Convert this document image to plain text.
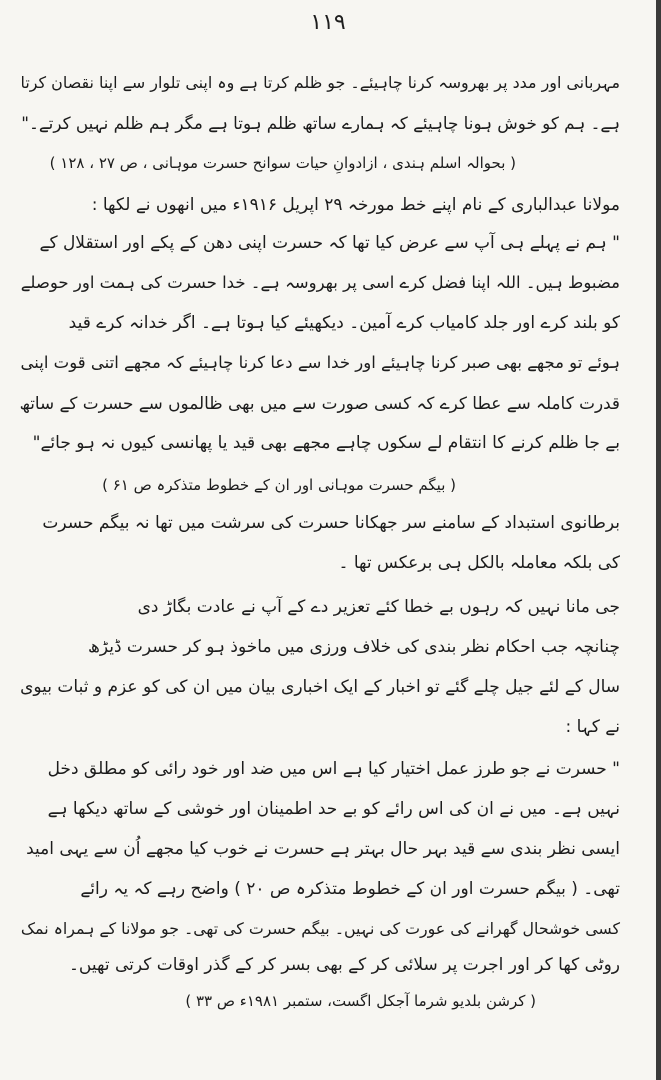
۱۱۹
مہربانی اور مدد پر بھروسہ کرنا چاہیئے۔ جو ظلم کرتا ہے وہ اپنی تلوار سے اپنا نقصان کرتا
ہے۔ ہم کو خوش ہونا چاہیئے کہ ہمارے ساتھ ظلم ہوتا ہے مگر ہم ظلم نہیں کرتے۔"
( بحوالہ اسلم ہندی ، ازادوانِ حیات سوانح حسرت موہانی ، ص ۲۷ ، ۱۲۸ )
مولانا عبدالباری کے نام اپنے خط مورخہ ۲۹ اپریل ۱۹۱۶ء میں انھوں نے لکھا :
" ہم نے پہلے ہی آپ سے عرض کیا تھا کہ حسرت اپنی دھن کے پکے اور استقلال کے
مضبوط ہیں۔ اللہ اپنا فضل کرے اسی پر بھروسہ ہے۔ خدا حسرت کی ہمت اور حوصلے
کو بلند کرے اور جلد کامیاب کرے آمین۔ دیکھیئے کیا ہوتا ہے۔ اگر خدانہ کرے قید
ہوئے تو مجھے بھی صبر کرنا چاہیئے اور خدا سے دعا کرنا چاہیئے کہ مجھے اتنی قوت اپنی
قدرت کاملہ سے عطا کرے کہ کسی صورت سے میں بھی ظالموں سے حسرت کے ساتھ
بے جا ظلم کرنے کا انتقام لے سکوں چاہے مجھے بھی قید یا پھانسی کیوں نہ ہو جائے"
( بیگم حسرت موہانی اور ان کے خطوط متذکرہ ص ۶۱ )
برطانوی استبداد کے سامنے سر جھکانا حسرت کی سرشت میں تھا نہ بیگم حسرت
کی بلکہ معاملہ بالکل ہی برعکس تھا ۔
جی مانا نہیں کہ رہوں بے خطا کئے تعزیر دے کے آپ نے عادت بگاڑ دی
چنانچہ جب احکام نظر بندی کی خلاف ورزی میں ماخوذ ہو کر حسرت ڈیڑھ
سال کے لئے جیل چلے گئے تو اخبار کے ایک اخباری بیان میں ان کی کو عزم و ثبات بیوی
نے کہا :
" حسرت نے جو طرز عمل اختیار کیا ہے اس میں ضد اور خود رائی کو مطلق دخل
نہیں ہے۔ میں نے ان کی اس رائے کو بے حد اطمینان اور خوشی کے ساتھ دیکھا ہے
ایسی نظر بندی سے قید بہر حال بہتر ہے حسرت نے خوب کیا مجھے اُن سے یہی امید
تھی۔ ( بیگم حسرت اور ان کے خطوط متذکرہ ص ۲۰ ) واضح رہے کہ یہ رائے
کسی خوشحال گھرانے کی عورت کی نہیں۔ بیگم حسرت کی تھی۔ جو مولانا کے ہمراہ نمک
روٹی کھا کر اور اجرت پر سلائی کر کے بھی بسر کر کے گذر اوقات کرتی تھیں۔
( کرشن بلدیو شرما آجکل اگست، ستمبر ۱۹۸۱ء ص ۳۳ )
